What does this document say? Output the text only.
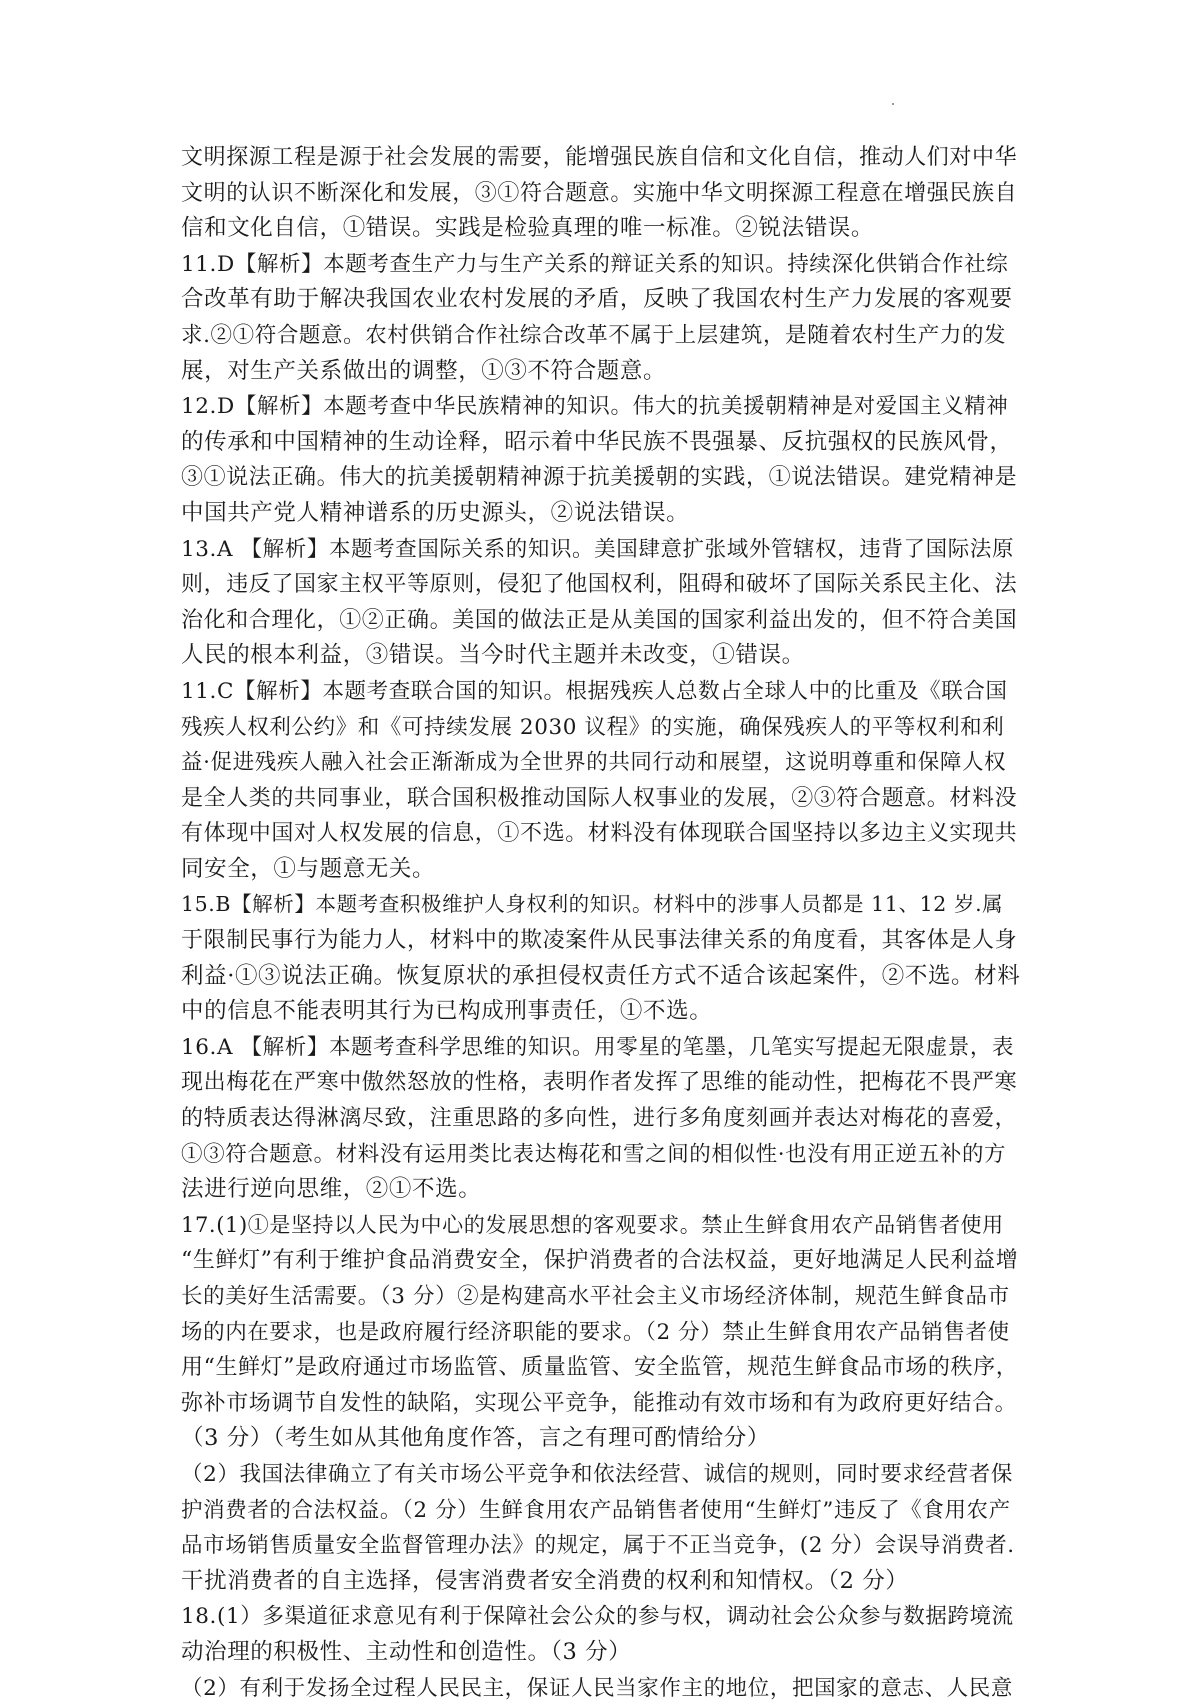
文明探源工程是源于社会发展的需要，能增强民族自信和文化自信，推动人们对中华
文明的认识不断深化和发展，③①符合题意。实施中华文明探源工程意在增强民族自
信和文化自信，①错误。实践是检验真理的唯一标准。②锐法错误。
11.D【解析】本题考查生产力与生产关系的辩证关系的知识。持续深化供销合作社综
合改革有助于解决我国农业农村发展的矛盾，反映了我国农村生产力发展的客观要
求.②①符合题意。农村供销合作社综合改革不属于上层建筑，是随着农村生产力的发
展，对生产关系做出的调整，①③不符合题意。
12.D【解析】本题考查中华民族精神的知识。伟大的抗美援朝精神是对爱国主义精神
的传承和中国精神的生动诠释，昭示着中华民族不畏强暴、反抗强权的民族风骨，
③①说法正确。伟大的抗美援朝精神源于抗美援朝的实践，①说法错误。建党精神是
中国共产党人精神谱系的历史源头，②说法错误。
13.A 【解析】本题考查国际关系的知识。美国肆意扩张域外管辖权，违背了国际法原
则，违反了国家主权平等原则，侵犯了他国权利，阻碍和破坏了国际关系民主化、法
治化和合理化，①②正确。美国的做法正是从美国的国家利益出发的，但不符合美国
人民的根本利益，③错误。当今时代主题并未改变，①错误。
11.C【解析】本题考查联合国的知识。根据残疾人总数占全球人中的比重及《联合国
残疾人权利公约》和《可持续发展 2030 议程》的实施，确保残疾人的平等权利和利
益·促进残疾人融入社会正渐渐成为全世界的共同行动和展望，这说明尊重和保障人权
是全人类的共同事业，联合国积极推动国际人权事业的发展，②③符合题意。材料没
有体现中国对人权发展的信息，①不选。材料没有体现联合国坚持以多边主义实现共
同安全，①与题意无关。
15.B【解析】本题考查积极维护人身权利的知识。材料中的涉事人员都是 11、12 岁.属
于限制民事行为能力人，材料中的欺凌案件从民事法律关系的角度看，其客体是人身
利益·①③说法正确。恢复原状的承担侵权责任方式不适合该起案件，②不选。材料
中的信息不能表明其行为已构成刑事责任，①不选。
16.A 【解析】本题考查科学思维的知识。用零星的笔墨，几笔实写提起无限虚景，表
现出梅花在严寒中傲然怒放的性格，表明作者发挥了思维的能动性，把梅花不畏严寒
的特质表达得淋漓尽致，注重思路的多向性，进行多角度刻画并表达对梅花的喜爱，
①③符合题意。材料没有运用类比表达梅花和雪之间的相似性·也没有用正逆五补的方
法进行逆向思维，②①不选。
17.(1)①是坚持以人民为中心的发展思想的客观要求。禁止生鲜食用农产品销售者使用
“生鲜灯”有利于维护食品消费安全，保护消费者的合法权益，更好地满足人民利益增
长的美好生活需要。（3 分）②是构建高水平社会主义市场经济体制，规范生鲜食品市
场的内在要求，也是政府履行经济职能的要求。（2 分）禁止生鲜食用农产品销售者使
用“生鲜灯”是政府通过市场监管、质量监管、安全监管，规范生鲜食品市场的秩序，
弥补市场调节自发性的缺陷，实现公平竞争，能推动有效市场和有为政府更好结合。
（3 分）（考生如从其他角度作答，言之有理可酌情给分）
（2）我国法律确立了有关市场公平竞争和依法经营、诚信的规则，同时要求经营者保
护消费者的合法权益。（2 分）生鲜食用农产品销售者使用“生鲜灯”违反了《食用农产
品市场销售质量安全监督管理办法》的规定，属于不正当竞争，(2 分）会误导消费者.
干扰消费者的自主选择，侵害消费者安全消费的权利和知情权。（2 分）
18.(1）多渠道征求意见有利于保障社会公众的参与权，调动社会公众参与数据跨境流
动治理的积极性、主动性和创造性。（3 分）
（2）有利于发扬全过程人民民主，保证人民当家作主的地位，把国家的意志、人民意
